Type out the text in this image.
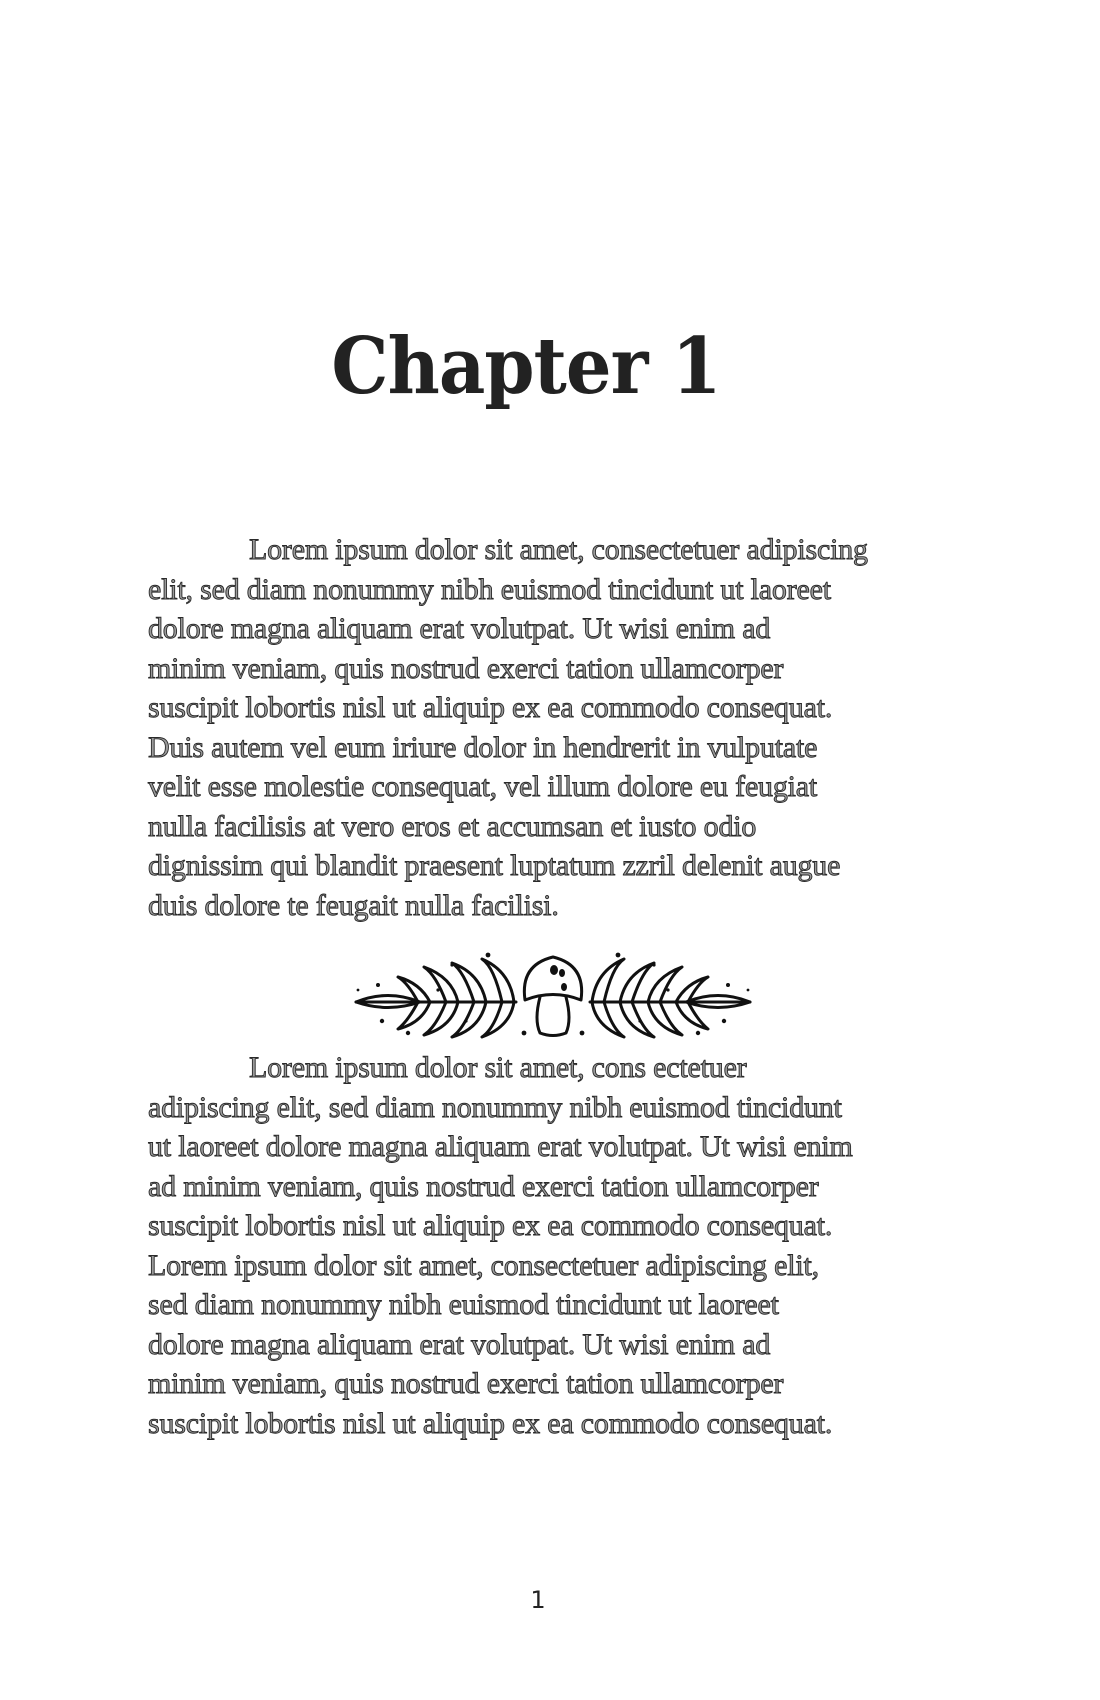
Chapter 1
Lorem ipsum dolor sit amet, consectetuer adipiscing
elit, sed diam nonummy nibh euismod tincidunt ut laoreet
dolore magna aliquam erat volutpat. Ut wisi enim ad
minim veniam, quis nostrud exerci tation ullamcorper
suscipit lobortis nisl ut aliquip ex ea commodo consequat.
Duis autem vel eum iriure dolor in hendrerit in vulputate
velit esse molestie consequat, vel illum dolore eu feugiat
nulla facilisis at vero eros et accumsan et iusto odio
dignissim qui blandit praesent luptatum zzril delenit augue
duis dolore te feugait nulla facilisi.
Lorem ipsum dolor sit amet, cons ectetuer
adipiscing elit, sed diam nonummy nibh euismod tincidunt
ut laoreet dolore magna aliquam erat volutpat. Ut wisi enim
ad minim veniam, quis nostrud exerci tation ullamcorper
suscipit lobortis nisl ut aliquip ex ea commodo consequat.
Lorem ipsum dolor sit amet, consectetuer adipiscing elit,
sed diam nonummy nibh euismod tincidunt ut laoreet
dolore magna aliquam erat volutpat. Ut wisi enim ad
minim veniam, quis nostrud exerci tation ullamcorper
suscipit lobortis nisl ut aliquip ex ea commodo consequat.
1
